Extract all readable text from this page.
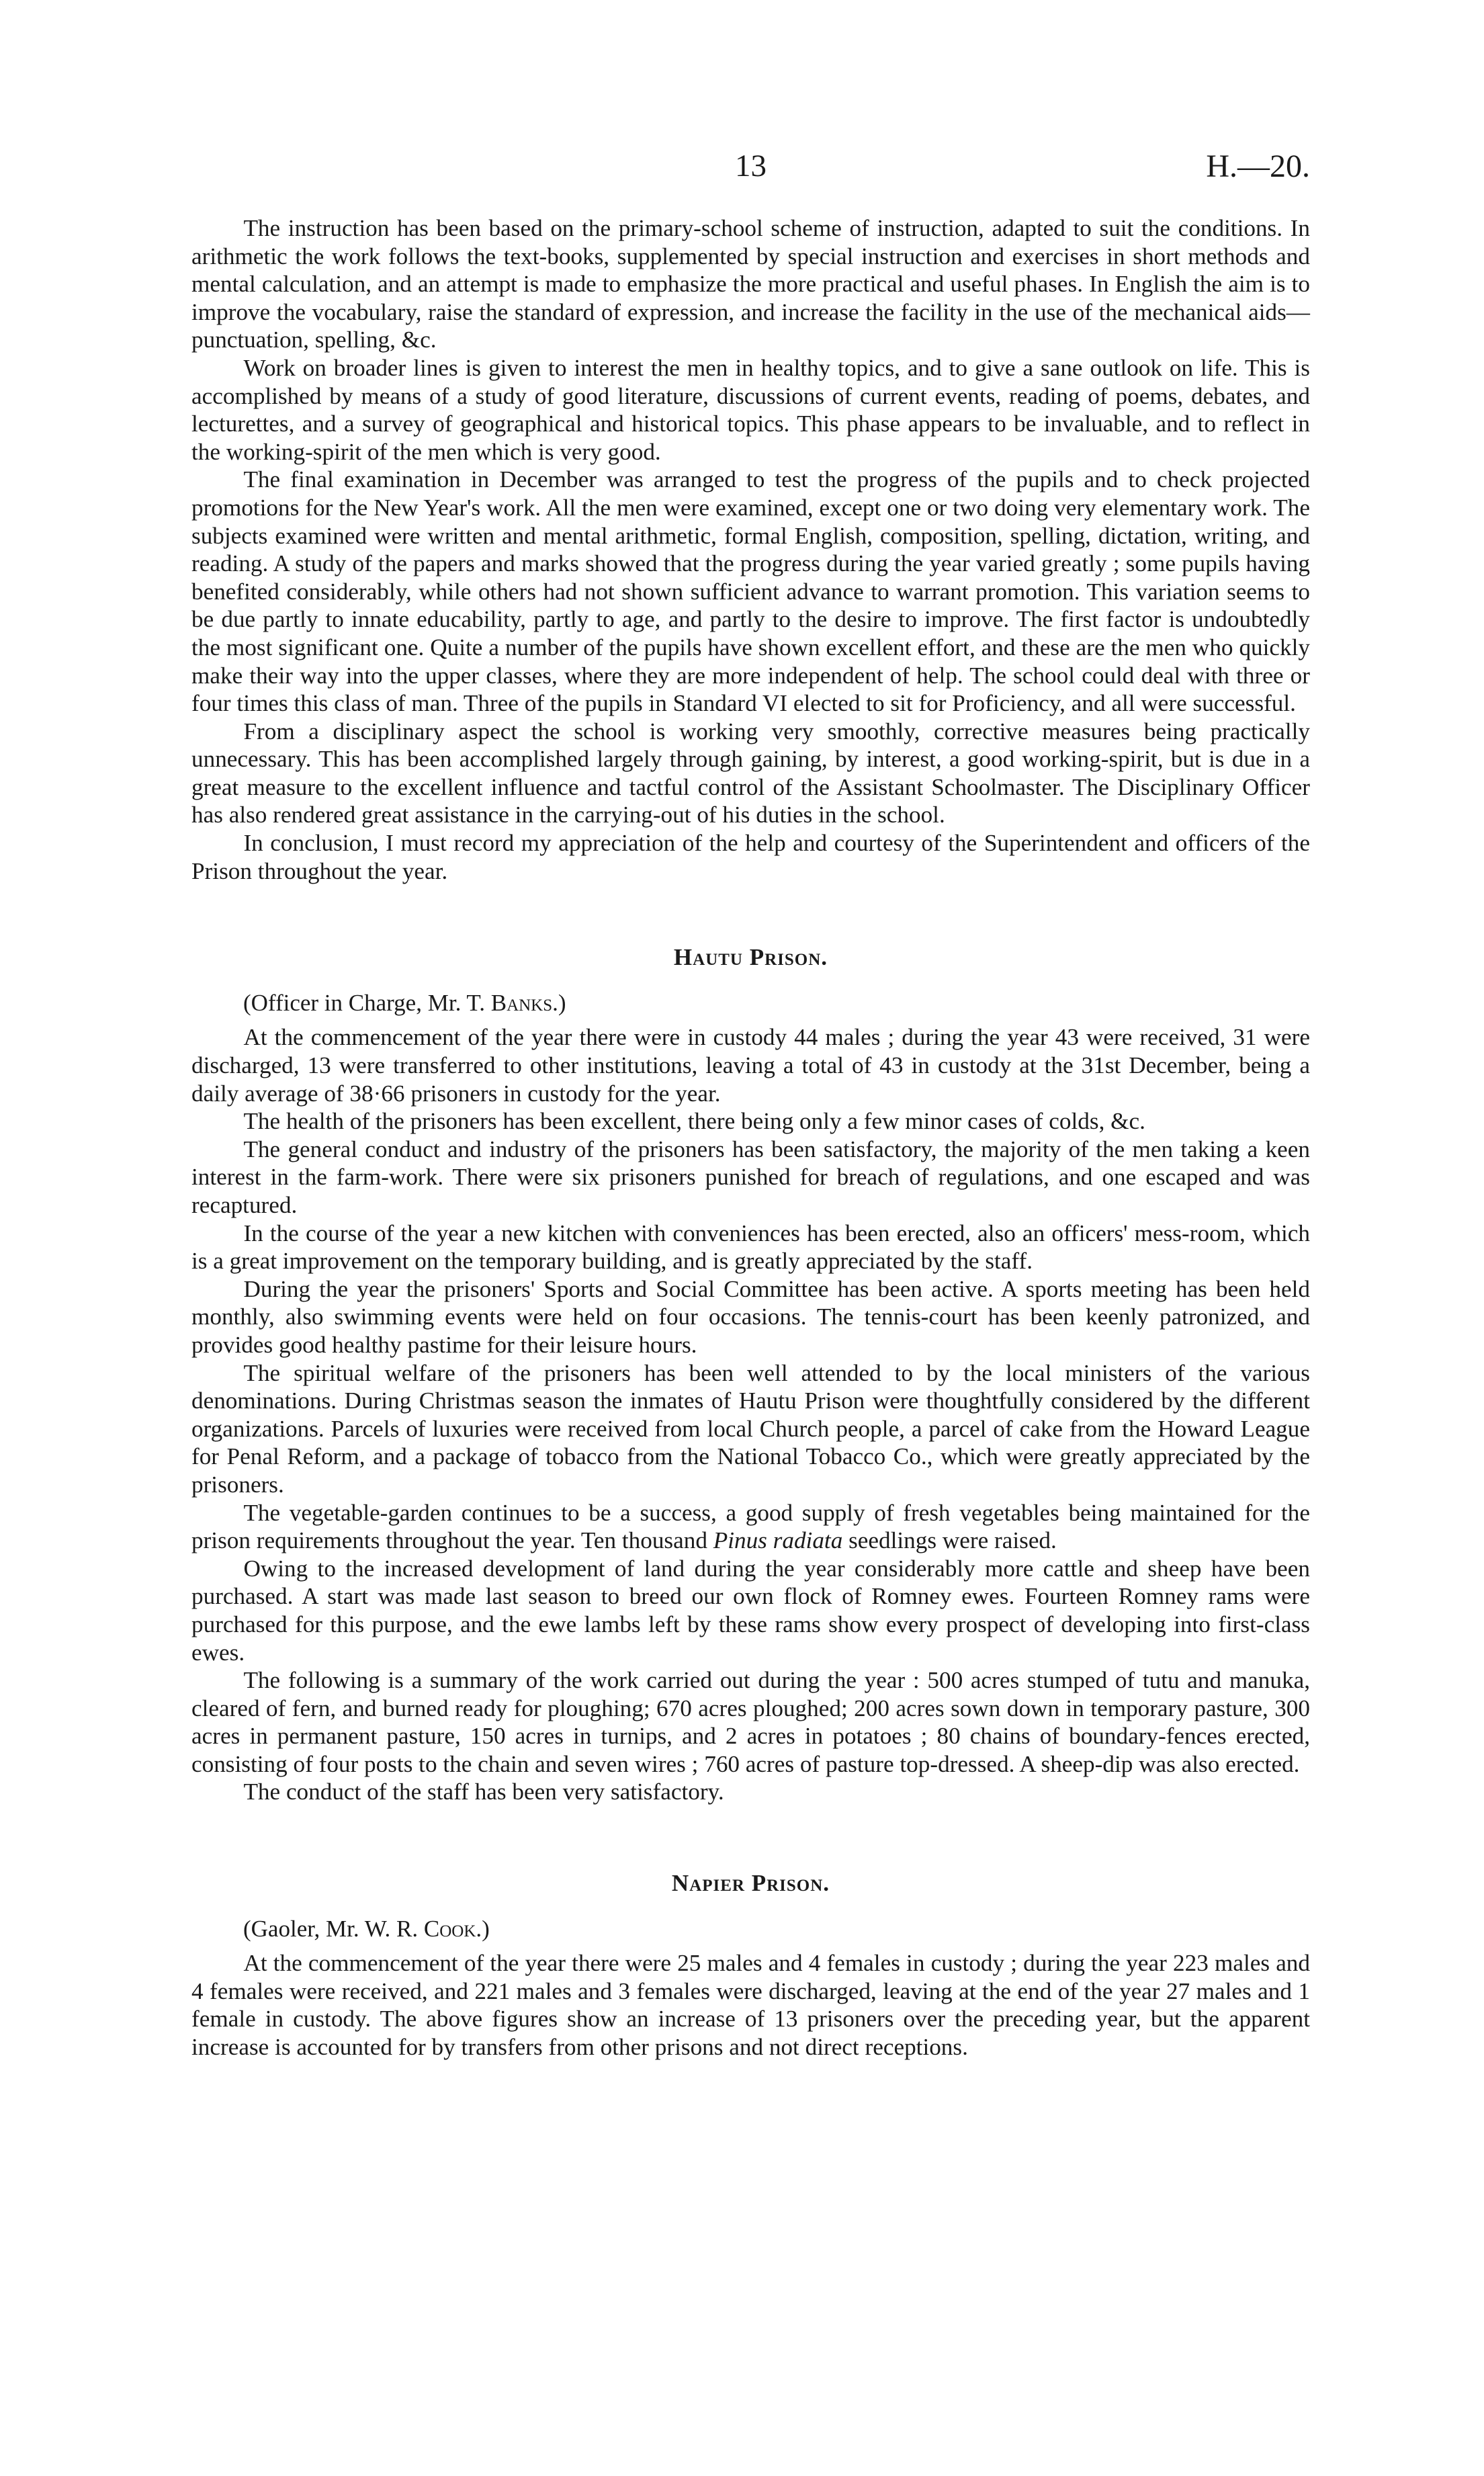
13	H.—20.

The instruction has been based on the primary-school scheme of instruction, adapted to suit the conditions. In arithmetic the work follows the text-books, supplemented by special instruction and exercises in short methods and mental calculation, and an attempt is made to emphasize the more practical and useful phases. In English the aim is to improve the vocabulary, raise the standard of expression, and increase the facility in the use of the mechanical aids—punctuation, spelling, &c.

Work on broader lines is given to interest the men in healthy topics, and to give a sane outlook on life. This is accomplished by means of a study of good literature, discussions of current events, reading of poems, debates, and lecturettes, and a survey of geographical and historical topics. This phase appears to be invaluable, and to reflect in the working-spirit of the men which is very good.

The final examination in December was arranged to test the progress of the pupils and to check projected promotions for the New Year's work. All the men were examined, except one or two doing very elementary work. The subjects examined were written and mental arithmetic, formal English, composition, spelling, dictation, writing, and reading. A study of the papers and marks showed that the progress during the year varied greatly ; some pupils having benefited considerably, while others had not shown sufficient advance to warrant promotion. This variation seems to be due partly to innate educability, partly to age, and partly to the desire to improve. The first factor is undoubtedly the most significant one. Quite a number of the pupils have shown excellent effort, and these are the men who quickly make their way into the upper classes, where they are more independent of help. The school could deal with three or four times this class of man. Three of the pupils in Standard VI elected to sit for Proficiency, and all were successful.

From a disciplinary aspect the school is working very smoothly, corrective measures being practically unnecessary. This has been accomplished largely through gaining, by interest, a good working-spirit, but is due in a great measure to the excellent influence and tactful control of the Assistant Schoolmaster. The Disciplinary Officer has also rendered great assistance in the carrying-out of his duties in the school.

In conclusion, I must record my appreciation of the help and courtesy of the Superintendent and officers of the Prison throughout the year.

Hautu Prison.

(Officer in Charge, Mr. T. Banks.)

At the commencement of the year there were in custody 44 males ; during the year 43 were received, 31 were discharged, 13 were transferred to other institutions, leaving a total of 43 in custody at the 31st December, being a daily average of 38·66 prisoners in custody for the year.

The health of the prisoners has been excellent, there being only a few minor cases of colds, &c.

The general conduct and industry of the prisoners has been satisfactory, the majority of the men taking a keen interest in the farm-work. There were six prisoners punished for breach of regulations, and one escaped and was recaptured.

In the course of the year a new kitchen with conveniences has been erected, also an officers' mess-room, which is a great improvement on the temporary building, and is greatly appreciated by the staff.

During the year the prisoners' Sports and Social Committee has been active. A sports meeting has been held monthly, also swimming events were held on four occasions. The tennis-court has been keenly patronized, and provides good healthy pastime for their leisure hours.

The spiritual welfare of the prisoners has been well attended to by the local ministers of the various denominations. During Christmas season the inmates of Hautu Prison were thoughtfully considered by the different organizations. Parcels of luxuries were received from local Church people, a parcel of cake from the Howard League for Penal Reform, and a package of tobacco from the National Tobacco Co., which were greatly appreciated by the prisoners.

The vegetable-garden continues to be a success, a good supply of fresh vegetables being maintained for the prison requirements throughout the year. Ten thousand Pinus radiata seedlings were raised.

Owing to the increased development of land during the year considerably more cattle and sheep have been purchased. A start was made last season to breed our own flock of Romney ewes. Fourteen Romney rams were purchased for this purpose, and the ewe lambs left by these rams show every prospect of developing into first-class ewes.

The following is a summary of the work carried out during the year : 500 acres stumped of tutu and manuka, cleared of fern, and burned ready for ploughing; 670 acres ploughed; 200 acres sown down in temporary pasture, 300 acres in permanent pasture, 150 acres in turnips, and 2 acres in potatoes ; 80 chains of boundary-fences erected, consisting of four posts to the chain and seven wires ; 760 acres of pasture top-dressed. A sheep-dip was also erected.

The conduct of the staff has been very satisfactory.

Napier Prison.

(Gaoler, Mr. W. R. Cook.)

At the commencement of the year there were 25 males and 4 females in custody ; during the year 223 males and 4 females were received, and 221 males and 3 females were discharged, leaving at the end of the year 27 males and 1 female in custody. The above figures show an increase of 13 prisoners over the preceding year, but the apparent increase is accounted for by transfers from other prisons and not direct receptions.
